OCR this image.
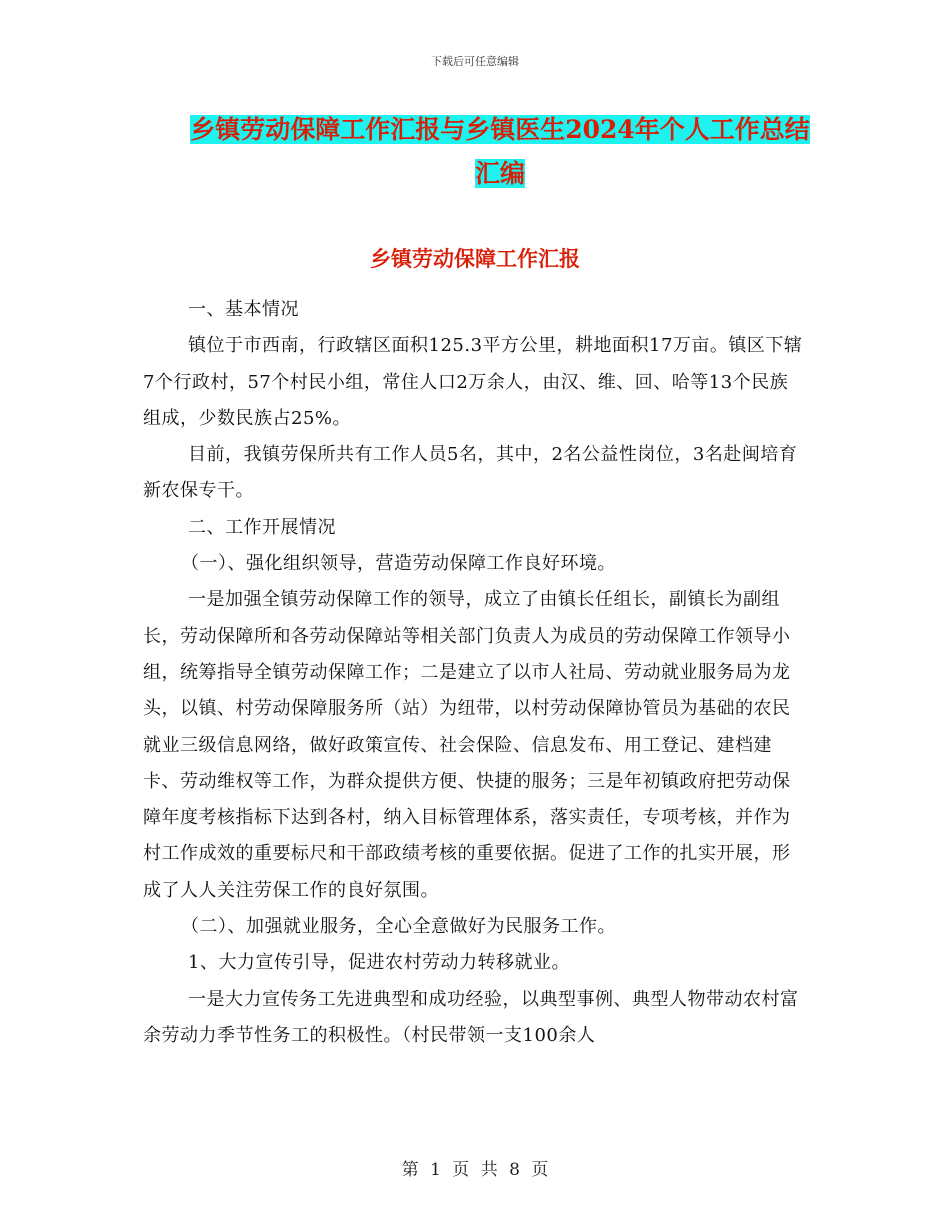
下载后可任意编辑
乡镇劳动保障工作汇报与乡镇医生2024年个人工作总结汇编
乡镇劳动保障工作汇报

一、基本情况

镇位于市西南，行政辖区面积125.3平方公里，耕地面积17万亩。镇区下辖7个行政村，57个村民小组，常住人口2万余人，由汉、维、回、哈等13个民族组成，少数民族占25%。

目前，我镇劳保所共有工作人员5名，其中，2名公益性岗位，3名赴闽培育新农保专干。

二、工作开展情况

（一）、强化组织领导，营造劳动保障工作良好环境。

一是加强全镇劳动保障工作的领导，成立了由镇长任组长，副镇长为副组长，劳动保障所和各劳动保障站等相关部门负责人为成员的劳动保障工作领导小组，统筹指导全镇劳动保障工作；二是建立了以市人社局、劳动就业服务局为龙头，以镇、村劳动保障服务所（站）为纽带，以村劳动保障协管员为基础的农民就业三级信息网络，做好政策宣传、社会保险、信息发布、用工登记、建档建卡、劳动维权等工作，为群众提供方便、快捷的服务；三是年初镇政府把劳动保障年度考核指标下达到各村，纳入目标管理体系，落实责任，专项考核，并作为村工作成效的重要标尺和干部政绩考核的重要依据。促进了工作的扎实开展，形成了人人关注劳保工作的良好氛围。

（二）、加强就业服务，全心全意做好为民服务工作。

1、大力宣传引导，促进农村劳动力转移就业。

一是大力宣传务工先进典型和成功经验，以典型事例、典型人物带动农村富余劳动力季节性务工的积极性。（村民带领一支100余人

第 1 页 共 8 页
